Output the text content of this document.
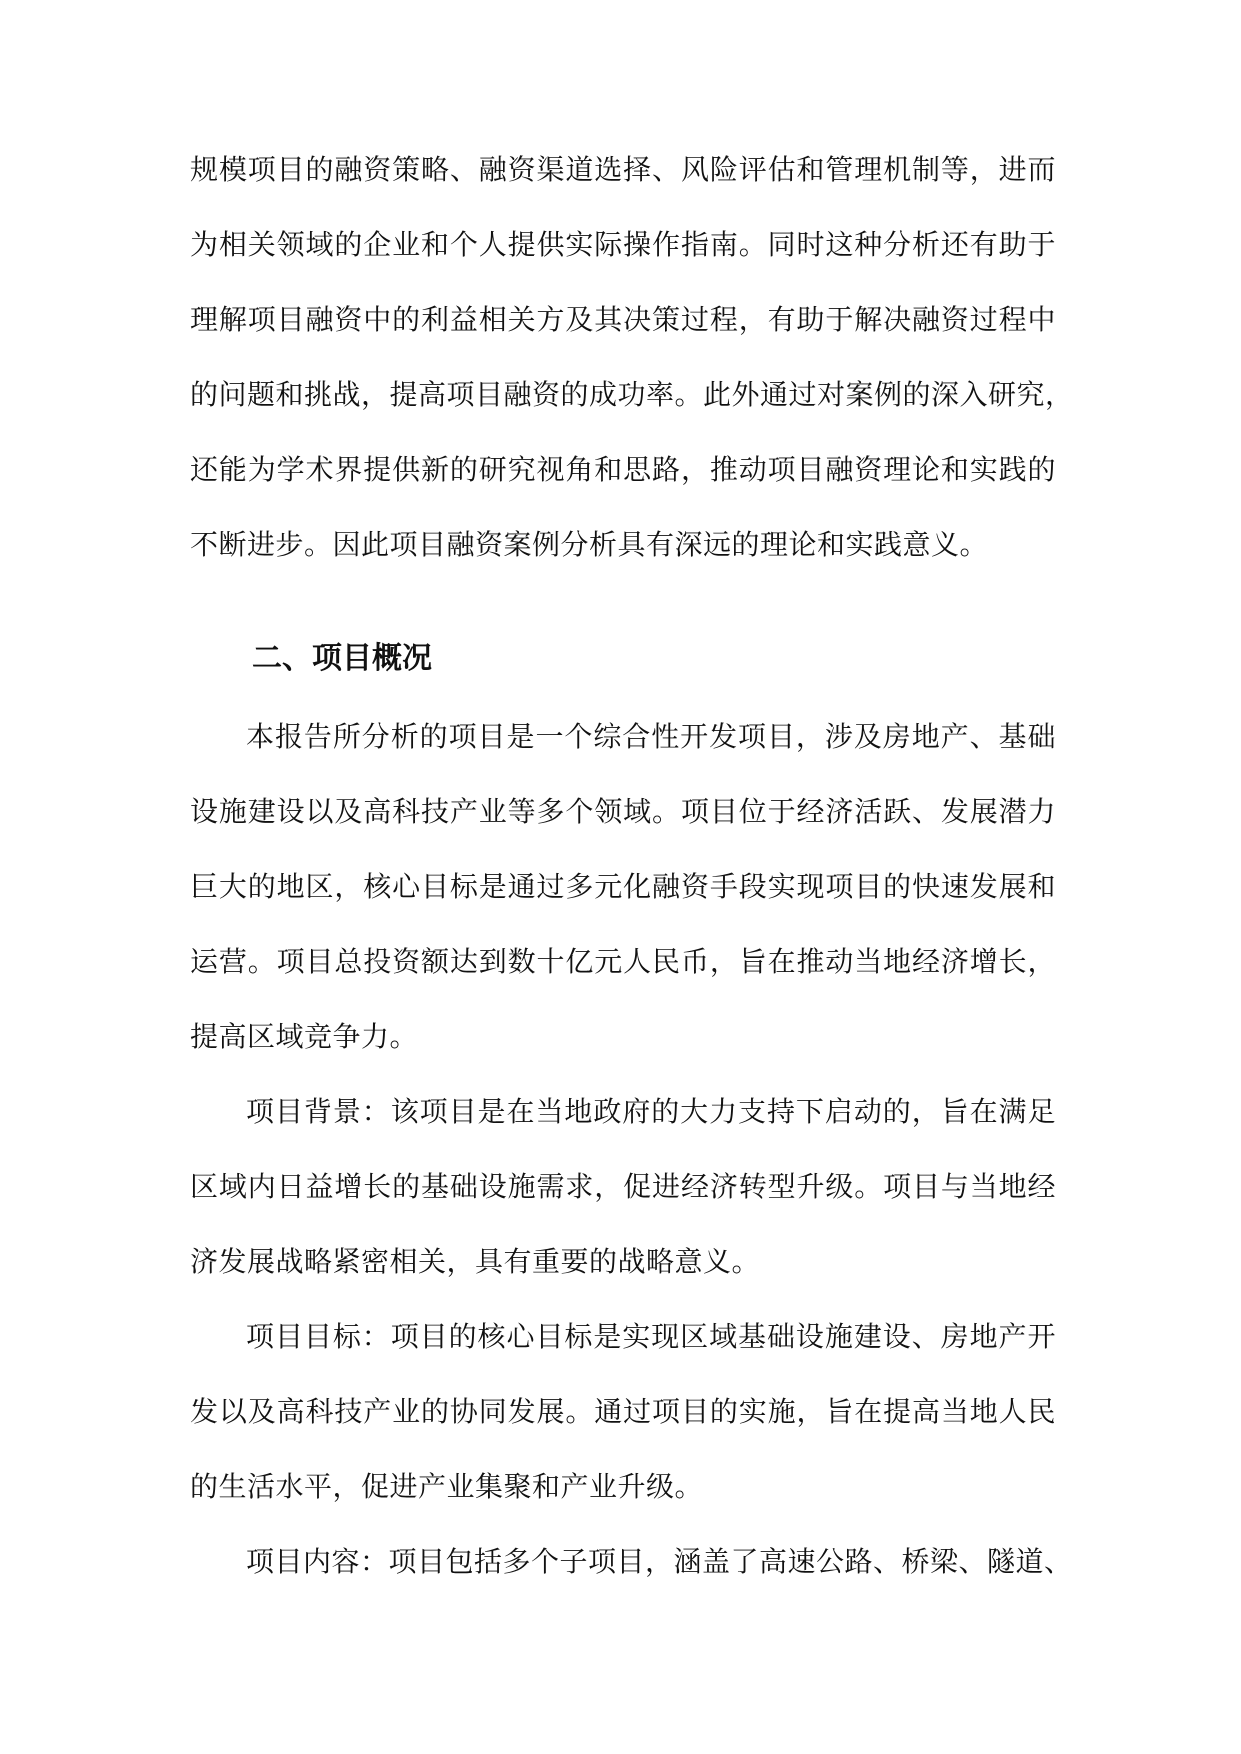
规模项目的融资策略、融资渠道选择、风险评估和管理机制等，进而
为相关领域的企业和个人提供实际操作指南。同时这种分析还有助于
理解项目融资中的利益相关方及其决策过程，有助于解决融资过程中
的问题和挑战，提高项目融资的成功率。此外通过对案例的深入研究，
还能为学术界提供新的研究视角和思路，推动项目融资理论和实践的
不断进步。因此项目融资案例分析具有深远的理论和实践意义。
二、项目概况
本报告所分析的项目是一个综合性开发项目，涉及房地产、基础
设施建设以及高科技产业等多个领域。项目位于经济活跃、发展潜力
巨大的地区，核心目标是通过多元化融资手段实现项目的快速发展和
运营。项目总投资额达到数十亿元人民币，旨在推动当地经济增长，
提高区域竞争力。
项目背景：该项目是在当地政府的大力支持下启动的，旨在满足
区域内日益增长的基础设施需求，促进经济转型升级。项目与当地经
济发展战略紧密相关，具有重要的战略意义。
项目目标：项目的核心目标是实现区域基础设施建设、房地产开
发以及高科技产业的协同发展。通过项目的实施，旨在提高当地人民
的生活水平，促进产业集聚和产业升级。
项目内容：项目包括多个子项目，涵盖了高速公路、桥梁、隧道、
